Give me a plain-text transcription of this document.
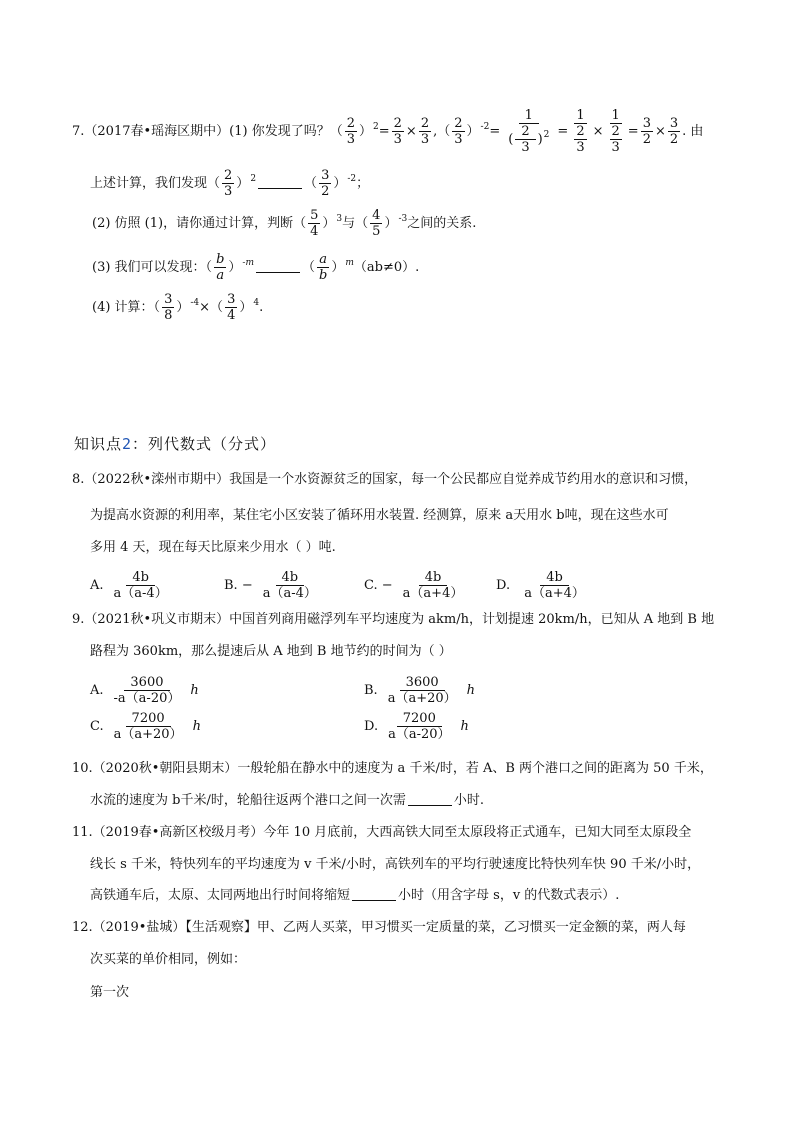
7.（2017春•瑶海区期中）(1) 你发现了吗？（ $\frac{2}{3} )^2= \frac{2}{3} \times \frac{2}{3}$ ,（ $\frac{2}{3} )^{-2}= \frac{1}{( \frac{2}{3} )^2} = \frac{1}{\frac{2}{3}} \times \frac{1}{\frac{2}{3}} = \frac{3}{2} \times \frac{3}{2}$ . 由
上述计算，我们发现（ $\frac{2}{3} )^2$	（ $\frac{3}{2} )^{-2}$；
(2) 仿照 (1)，请你通过计算，判断（ $\frac{5}{4} )^3$与（ $\frac{4}{5} )^{-3}$之间的关系.
(3) 我们可以发现：（ $\frac{b}{a} )^{-m}$	（ $\frac{a}{b} )^m(ab\ne 0)$.
(4) 计算：（ $\frac{3}{8} )^{-4}\times( \frac{3}{4} )^4$.
知识点2：列代数式（分式）
8.（2022秋•滦州市期中）我国是一个水资源贫乏的国家，每一个公民都应自觉养成节约用水的意识和习惯，
为提高水资源的利用率，某住宅小区安装了循环用水装置. 经测算，原来 a天用水 b吨，现在这些水可
多用 4 天，现在每天比原来少用水（ ）吨.
A. $\frac{4b}{a(a-4)}$	B. − $\frac{4b}{a(a-4)}$	C. − $\frac{4b}{a(a+4)} D$. $\frac{4b}{a(a+4)}$
9.（2021秋•巩义市期末）中国首列商用磁浮列车平均速度为 akm/h，计划提速 20km/h，已知从 A 地到 B 地
路程为 360km，那么提速后从 A 地到 B 地节约的时间为（ ）
A. $\frac{3600}{-a(a-20)}$ h	B. $\frac{3600}{a(a+20)}$ h
C. $\frac{7200}{a(a+20)}$ h	D. $\frac{7200}{a(a-20)}$ h
10.（2020秋•朝阳县期末）一般轮船在静水中的速度为 a 千米/时，若 A、B 两个港口之间的距离为 50 千米，
水流的速度为 b千米/时，轮船往返两个港口之间一次需	小时.
11.（2019春•高新区校级月考）今年 10 月底前，大西高铁大同至太原段将正式通车，已知大同至太原段全
线长 s 千米，特快列车的平均速度为 v 千米/小时，高铁列车的平均行驶速度比特快列车快 90 千米/小时，
高铁通车后，太原、太同两地出行时间将缩短	小时（用含字母 s，v 的代数式表示）.
12.（2019•盐城）【生活观察】甲、乙两人买菜，甲习惯买一定质量的菜，乙习惯买一定金额的菜，两人每
次买菜的单价相同，例如：
第一次
